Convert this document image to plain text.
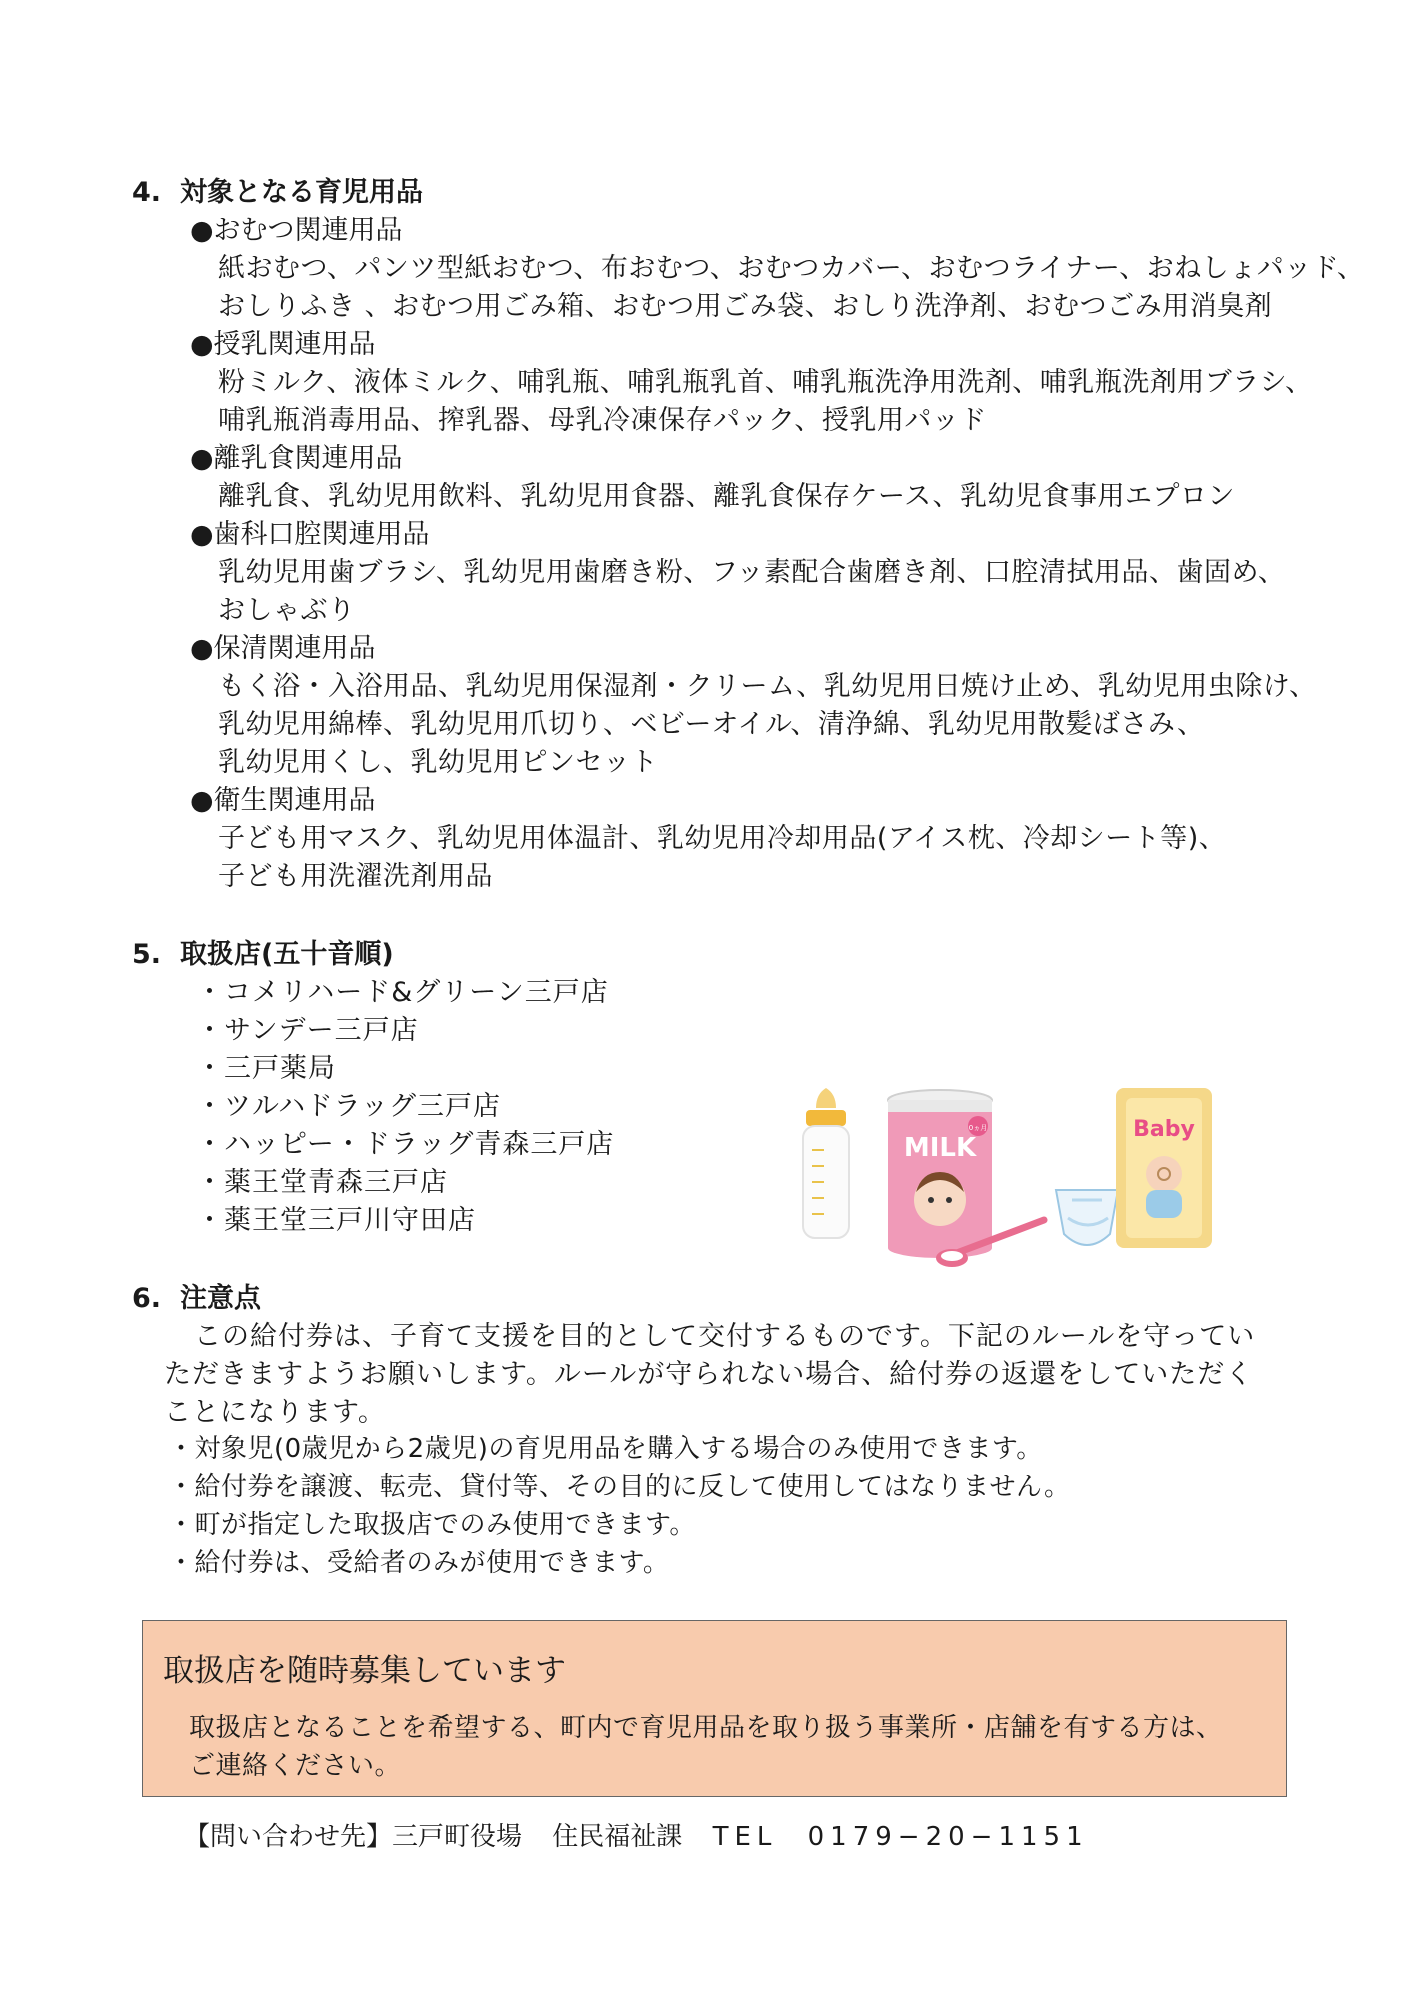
4. 対象となる育児用品
●おむつ関連用品
紙おむつ、パンツ型紙おむつ、布おむつ、おむつカバー、おむつライナー、おねしょパッド、
おしりふき 、おむつ用ごみ箱、おむつ用ごみ袋、おしり洗浄剤、おむつごみ用消臭剤
●授乳関連用品
粉ミルク、液体ミルク、哺乳瓶、哺乳瓶乳首、哺乳瓶洗浄用洗剤、哺乳瓶洗剤用ブラシ、
哺乳瓶消毒用品、搾乳器、母乳冷凍保存パック、授乳用パッド
●離乳食関連用品
離乳食、乳幼児用飲料、乳幼児用食器、離乳食保存ケース、乳幼児食事用エプロン
●歯科口腔関連用品
乳幼児用歯ブラシ、乳幼児用歯磨き粉、フッ素配合歯磨き剤、口腔清拭用品、歯固め、
おしゃぶり
●保清関連用品
もく浴・入浴用品、乳幼児用保湿剤・クリーム、乳幼児用日焼け止め、乳幼児用虫除け、
乳幼児用綿棒、乳幼児用爪切り、ベビーオイル、清浄綿、乳幼児用散髪ばさみ、
乳幼児用くし、乳幼児用ピンセット
●衛生関連用品
子ども用マスク、乳幼児用体温計、乳幼児用冷却用品(アイス枕、冷却シート等)、
子ども用洗濯洗剤用品
5. 取扱店(五十音順)
・コメリハード&グリーン三戸店
・サンデー三戸店
・三戸薬局
・ツルハドラッグ三戸店
・ハッピー・ドラッグ青森三戸店
・薬王堂青森三戸店
・薬王堂三戸川守田店
MILK
0ヵ月	Baby
6. 注意点
この給付券は、子育て支援を目的として交付するものです。下記のルールを守ってい
ただきますようお願いします。ルールが守られない場合、給付券の返還をしていただく
ことになります。
・対象児(0歳児から2歳児)の育児用品を購入する場合のみ使用できます。
・給付券を譲渡、転売、貸付等、その目的に反して使用してはなりません。
・町が指定した取扱店でのみ使用できます。
・給付券は、受給者のみが使用できます。
取扱店を随時募集しています
取扱店となることを希望する、町内で育児用品を取り扱う事業所・店舗を有する方は、
ご連絡ください。
【問い合わせ先】三戸町役場 住民福祉課 TEL 0179−20−1151
